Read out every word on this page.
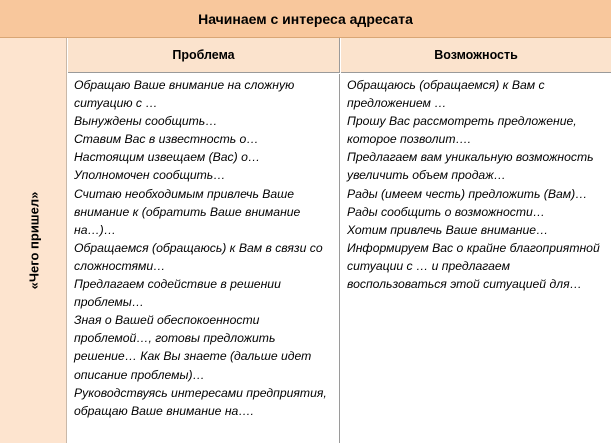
Начинаем с интереса адресата
«Чего пришел»
Проблема	Возможность

Обращаю Ваше внимание на сложную ситуацию с …

Вынуждены сообщить…

Ставим Вас в известность о…

Настоящим извещаем (Вас) о…

Уполномочен сообщить…

Считаю необходимым привлечь Ваше внимание к (обратить Ваше внимание на…)…

Обращаемся (обращаюсь) к Вам в связи со сложностями…

Предлагаем содействие в решении проблемы…

Зная о Вашей обеспокоенности проблемой…, готовы предложить решение… Как Вы знаете (дальше идет описание проблемы)…

Руководствуясь интересами предприятия, обращаю Ваше внимание на….

Обращаюсь (обращаемся) к Вам с предложением …

Прошу Вас рассмотреть предложение, которое позволит….

Предлагаем вам уникальную возможность увеличить объем продаж…

Рады (имеем честь) предложить (Вам)…

Рады сообщить о возможности…

Хотим привлечь Ваше внимание…

Информируем Вас о крайне благоприятной ситуации с … и предлагаем воспользоваться этой ситуацией для…
